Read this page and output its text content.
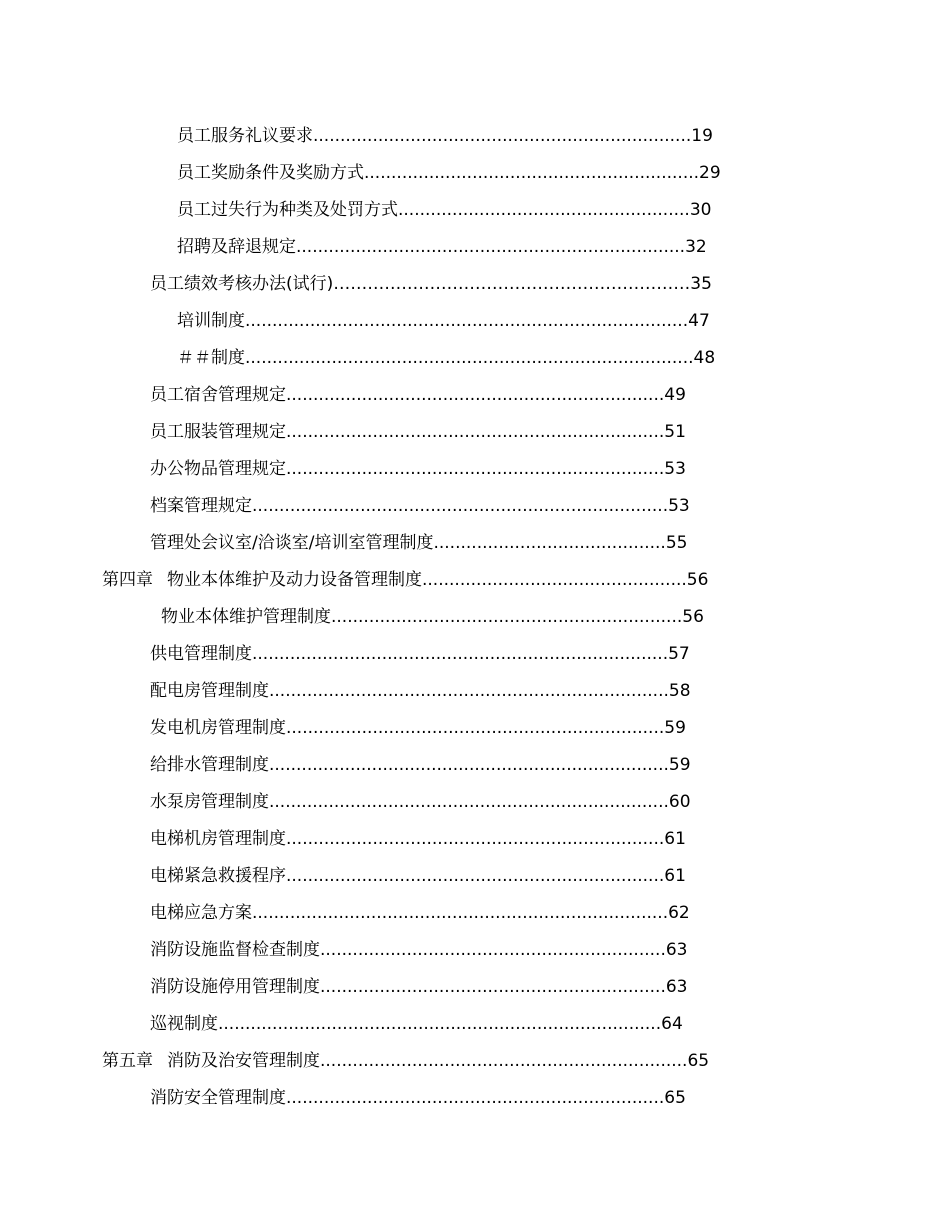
员工服务礼议要求......................................................................19
员工奖励条件及奖励方式..............................................................29
员工过失行为种类及处罚方式......................................................30
招聘及辞退规定........................................................................32
员工绩效考核办法(试行)………………………………………………………35
培训制度..................................................................................47
＃＃制度...................................................................................48
员工宿舍管理规定......................................................................49
员工服装管理规定......................................................................51
办公物品管理规定......................................................................53
档案管理规定.............................................................................53
管理处会议室/洽谈室/培训室管理制度...........................................55
第四章 物业本体维护及动力设备管理制度.................................................56
物业本体维护管理制度.................................................................56
供电管理制度.............................................................................57
配电房管理制度..........................................................................58
发电机房管理制度......................................................................59
给排水管理制度..........................................................................59
水泵房管理制度..........................................................................60
电梯机房管理制度......................................................................61
电梯紧急救援程序......................................................................61
电梯应急方案.............................................................................62
消防设施监督检查制度................................................................63
消防设施停用管理制度................................................................63
巡视制度..................................................................................64
第五章 消防及治安管理制度....................................................................65
消防安全管理制度......................................................................65
